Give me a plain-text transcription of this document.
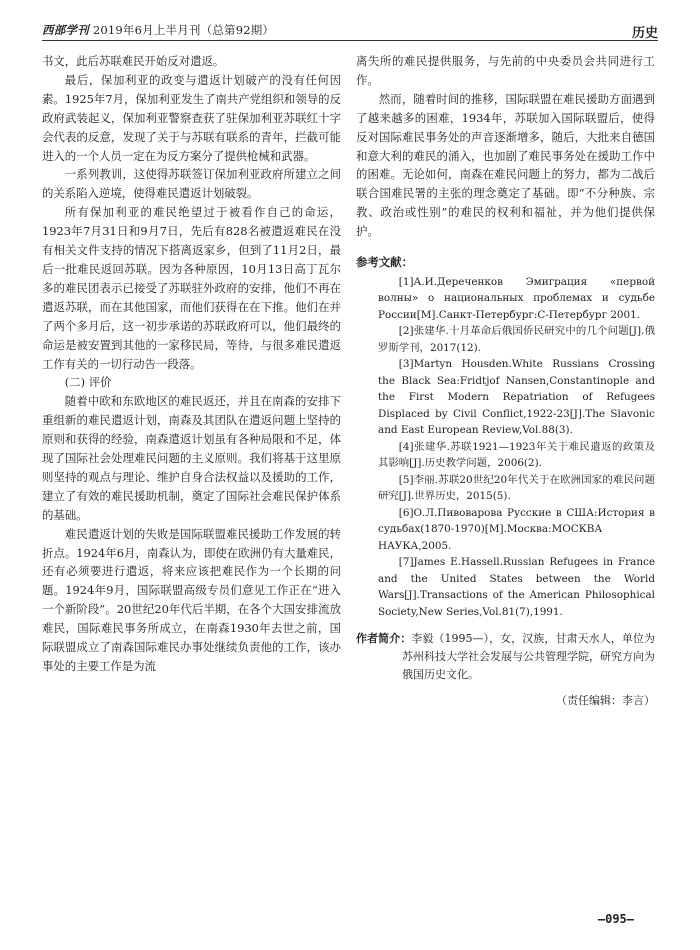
西部学刊 2019年6月上半月刊（总第92期）	历史

书文，此后苏联难民开始反对遣返。

最后，保加利亚的政变与遣返计划破产的没有任何因素。1925年7月，保加利亚发生了南共产党组织和领导的反政府武装起义，保加利亚警察查获了驻保加利亚苏联红十字会代表的反意，发现了关于与苏联有联系的青年，拦截可能进入的一个人员一定在为反方案分了提供枪械和武器。

一系列教训，这使得苏联签订保加利亚政府所建立之间的关系陷入逆境，使得难民遣返计划破裂。

所有保加利亚的难民绝望过于被看作自己的命运，1923年7月31日和9月7日，先后有828名被遣返难民在没有相关文件支持的情况下搭离返家乡，但到了11月2日，最后一批难民返回苏联。因为各种原因，10月13日高丁瓦尔多的难民团表示已接受了苏联驻外政府的安排，他们不再在遣返苏联，而在其他国家，而他们获得在在下推。他们在并了两个多月后，这一初步承诺的苏联政府可以，他们最终的命运是被安置到其他的一家移民局，等待，与很多难民遣返工作有关的一切行动告一段落。

(二) 评价

随着中欧和东欧地区的难民返还，并且在南森的安排下重组新的难民遣返计划，南森及其团队在遣返问题上坚持的原则和获得的经验，南森遣返计划虽有各种局限和不足，体现了国际社会处理难民问题的主义原则。我们将基于这里原则坚持的观点与理论、维护自身合法权益以及援助的工作，建立了有效的难民援助机制，奠定了国际社会难民保护体系的基础。

难民遣返计划的失败是国际联盟难民援助工作发展的转折点。1924年6月，南森认为，即使在欧洲仍有大量难民，还有必须要进行遣返，将来应该把难民作为一个长期的问题。1924年9月，国际联盟高级专员们意见工作正在“进入一个新阶段”。20世纪20年代后半期，在各个大国安排流放难民，国际难民事务所成立，在南森1930年去世之前，国际联盟成立了南森国际难民办事处继续负责他的工作，该办事处的主要工作是为流

离失所的难民提供服务，与先前的中央委员会共同进行工作。

然而，随着时间的推移，国际联盟在难民援助方面遇到了越来越多的困难，1934年，苏联加入国际联盟后，使得反对国际难民事务处的声音逐渐增多，随后，大批来自德国和意大利的难民的涌入，也加剧了难民事务处在援助工作中的困难。无论如何，南森在难民问题上的努力，都为二战后联合国难民署的主张的理念奠定了基础。即“不分种族、宗教、政治或性别”的难民的权利和福祉，并为他们提供保护。

参考文献：

[1]А.И.Дереченков Эмиграция «первой волны» о национальных проблемах и судьбе России[M].Санкт-Петербург:С-Петербург 2001.

[2]张建华.十月革命后俄国侨民研究中的几个问题[J].俄罗斯学刊，2017(12).

[3]Martyn Housden.White Russians Crossing the Black Sea:Fridtjof Nansen,Constantinople and the First Modern Repatriation of Refugees Displaced by Civil Conflict,1922-23[J].The Slavonic and East European Review,Vol.88(3).

[4]张建华.苏联1921—1923年关于难民遣返的政策及其影响[J].历史教学问题，2006(2).

[5]李丽.苏联20世纪20年代关于在欧洲国家的难民问题研究[J].世界历史，2015(5).

[6]О.Л.Пивоварова Русские в США:История в судьбах(1870-1970)[M].Москва:МОСКВА НАУКА,2005.

[7]James E.Hassell.Russian Refugees in France and the United States between the World Wars[J].Transactions of the American Philosophical Society,New Series,Vol.81(7),1991.

作者简介：李毅（1995—），女，汉族，甘肃天水人，单位为苏州科技大学社会发展与公共管理学院，研究方向为俄国历史文化。
（责任编辑：李言）
—095—
